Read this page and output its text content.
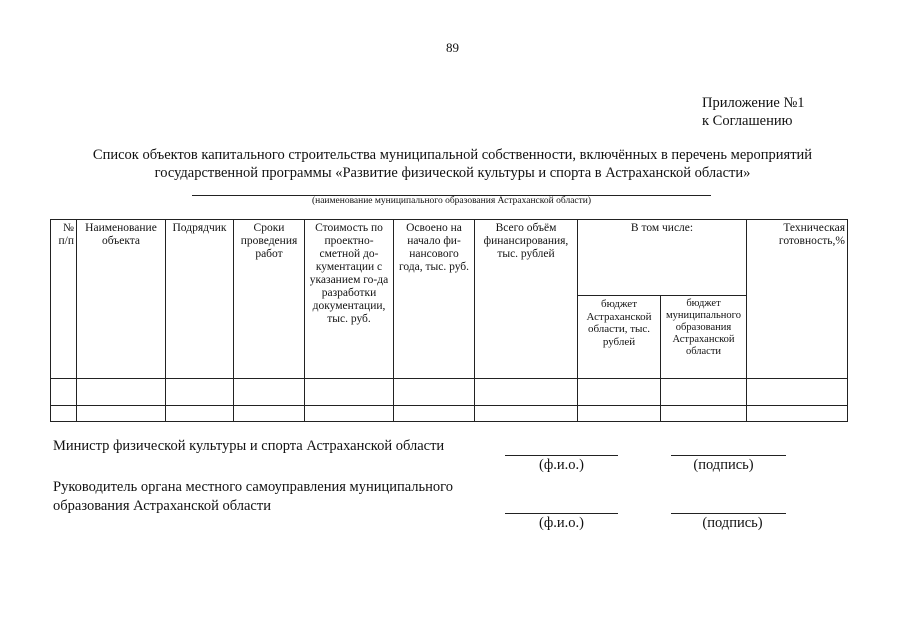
89
Приложение №1
к Соглашению
Список объектов капитального строительства муниципальной собственности, включённых в перечень мероприятий
государственной программы «Развитие физической культуры и спорта в Астраханской области»
(наименование муниципального образования Астраханской области)
№ п/п	Наименование объекта	Подрядчик	Сроки проведения работ	Стоимость по проектно-сметной до-кументации с указанием го-да разработки документации, тыс. руб.	Освоено на начало фи-нансового года, тыс. руб.	Всего объём финансирования, тыс. рублей	В том числе:		Техническая готовность,%
							бюджет Астраханской области, тыс. рублей	бюджет муниципального образования Астраханской области	

Министр физической культуры и спорта Астраханской области
(ф.и.о.)	(подпись)
Руководитель органа местного самоуправления муниципального
образования Астраханской области
(ф.и.о.)	(подпись)
